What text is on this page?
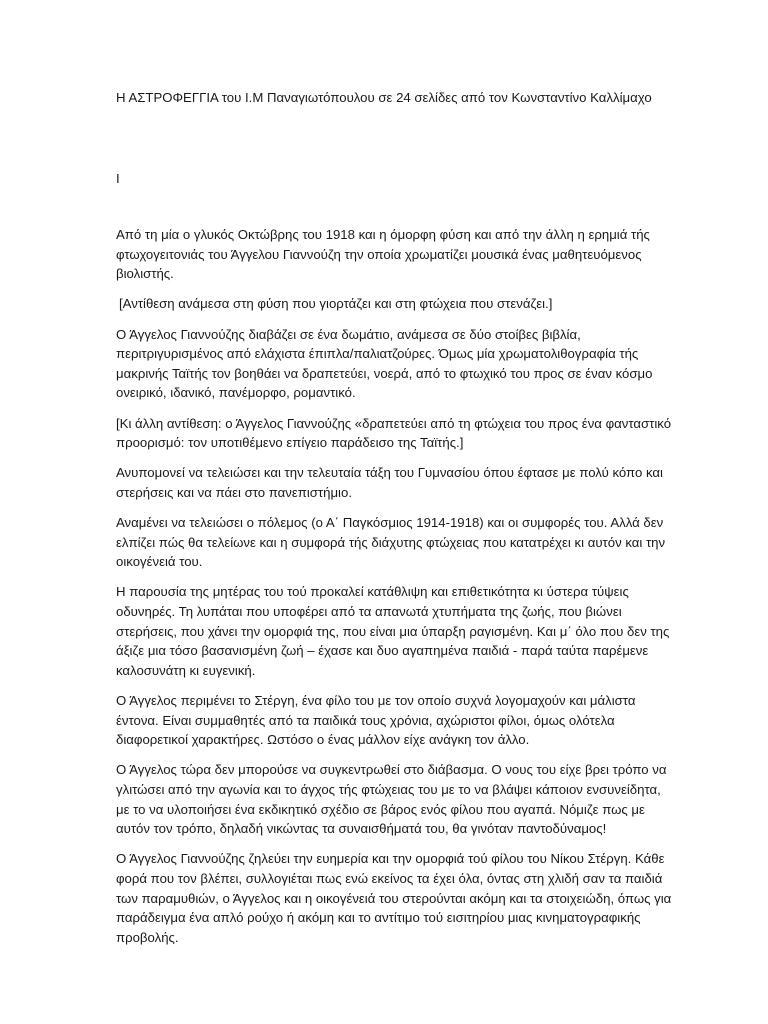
Η ΑΣΤΡΟΦΕΓΓΙΑ του Ι.Μ Παναγιωτόπουλου σε 24 σελίδες από τον Κωνσταντίνο Καλλίμαχο
Ι

Από τη μία ο γλυκός Οκτώβρης του 1918 και η όμορφη φύση και από την άλλη η ερημιά τής φτωχογειτονιάς του Άγγελου Γιαννούζη την οποία χρωματίζει μουσικά ένας μαθητευόμενος βιολιστής.

[Αντίθεση ανάμεσα στη φύση που γιορτάζει και στη φτώχεια που στενάζει.]

Ο Άγγελος Γιαννούζης διαβάζει σε ένα δωμάτιο, ανάμεσα σε δύο στοίβες βιβλία, περιτριγυρισμένος από ελάχιστα έπιπλα/παλιατζούρες. Όμως μία χρωματολιθογραφία τής μακρινής Ταϊτής τον βοηθάει να δραπετεύει, νοερά, από το φτωχικό του προς σε έναν κόσμο ονειρικό, ιδανικό, πανέμορφο, ρομαντικό.

[Κι άλλη αντίθεση: ο Άγγελος Γιαννούζης «δραπετεύει από τη φτώχεια του προς ένα φανταστικό προορισμό: τον υποτιθέμενο επίγειο παράδεισο της Ταϊτής.]

Ανυπομονεί να τελειώσει και την τελευταία τάξη του Γυμνασίου όπου έφτασε με πολύ κόπο και στερήσεις και να πάει στο πανεπιστήμιο.

Αναμένει να τελειώσει ο πόλεμος (ο Α΄ Παγκόσμιος 1914-1918) και οι συμφορές του. Αλλά δεν ελπίζει πώς θα τελείωνε και η συμφορά τής διάχυτης φτώχειας που κατατρέχει κι αυτόν και την οικογένειά του.

Η παρουσία της μητέρας του τού προκαλεί κατάθλιψη και επιθετικότητα κι ύστερα τύψεις οδυνηρές. Τη λυπάται που υποφέρει από τα απανωτά χτυπήματα της ζωής, που βιώνει στερήσεις, που χάνει την ομορφιά της, που είναι μια ύπαρξη ραγισμένη. Και μ΄ όλο που δεν της άξιζε μια τόσο βασανισμένη ζωή – έχασε και δυο αγαπημένα παιδιά - παρά ταύτα παρέμενε καλοσυνάτη κι ευγενική.

Ο Άγγελος περιμένει το Στέργη, ένα φίλο του με τον οποίο συχνά λογομαχούν και μάλιστα έντονα. Είναι συμμαθητές από τα παιδικά τους χρόνια, αχώριστοι φίλοι, όμως ολότελα διαφορετικοί χαρακτήρες. Ωστόσο ο ένας μάλλον είχε ανάγκη τον άλλο.

Ο Άγγελος τώρα δεν μπορούσε να συγκεντρωθεί στο διάβασμα. Ο νους του είχε βρει τρόπο να γλιτώσει από την αγωνία και το άγχος τής φτώχειας του με το να βλάψει κάποιον ενσυνείδητα, με το να υλοποιήσει ένα εκδικητικό σχέδιο σε βάρος ενός φίλου που αγαπά. Νόμιζε πως με αυτόν τον τρόπο, δηλαδή νικώντας τα συναισθήματά του, θα γινόταν παντοδύναμος!

Ο Άγγελος Γιαννούζης ζηλεύει την ευημερία και την ομορφιά τού φίλου του Νίκου Στέργη. Κάθε φορά που τον βλέπει, συλλογιέται πως ενώ εκείνος τα έχει όλα, όντας στη χλιδή σαν τα παιδιά των παραμυθιών, ο Άγγελος και η οικογένειά του στερούνται ακόμη και τα στοιχειώδη, όπως για παράδειγμα ένα απλό ρούχο ή ακόμη και το αντίτιμο τού εισιτηρίου μιας κινηματογραφικής προβολής.
